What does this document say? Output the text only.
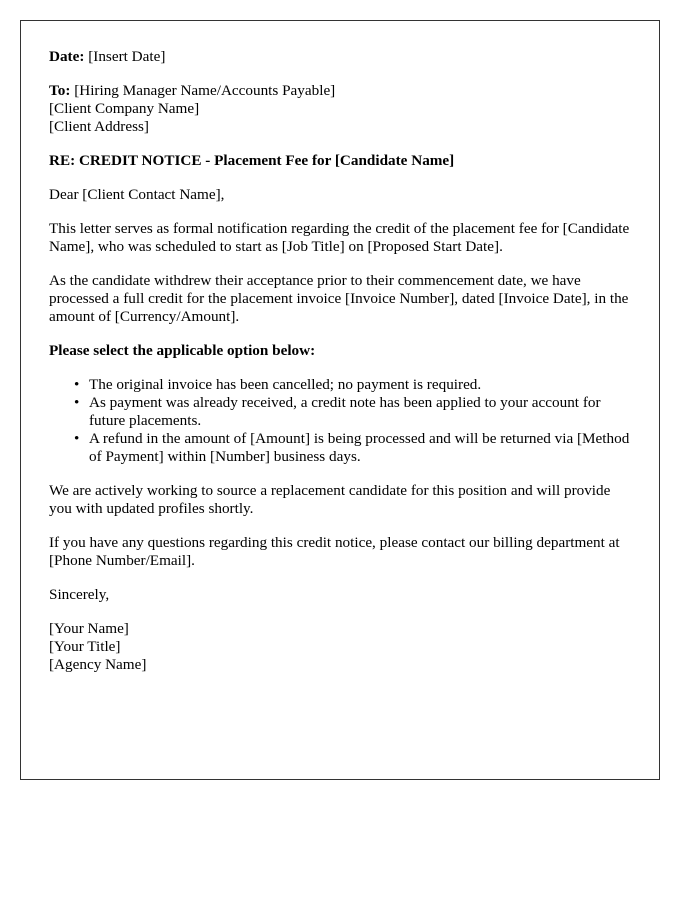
Date: [Insert Date]

To: [Hiring Manager Name/Accounts Payable]
[Client Company Name]
[Client Address]

RE: CREDIT NOTICE - Placement Fee for [Candidate Name]

Dear [Client Contact Name],

This letter serves as formal notification regarding the credit of the placement fee for [Candidate Name], who was scheduled to start as [Job Title] on [Proposed Start Date].

As the candidate withdrew their acceptance prior to their commencement date, we have processed a full credit for the placement invoice [Invoice Number], dated [Invoice Date], in the amount of [Currency/Amount].

Please select the applicable option below:

• The original invoice has been cancelled; no payment is required.
• As payment was already received, a credit note has been applied to your account for future placements.
• A refund in the amount of [Amount] is being processed and will be returned via [Method of Payment] within [Number] business days.

We are actively working to source a replacement candidate for this position and will provide you with updated profiles shortly.

If you have any questions regarding this credit notice, please contact our billing department at [Phone Number/Email].

Sincerely,

[Your Name]
[Your Title]
[Agency Name]
